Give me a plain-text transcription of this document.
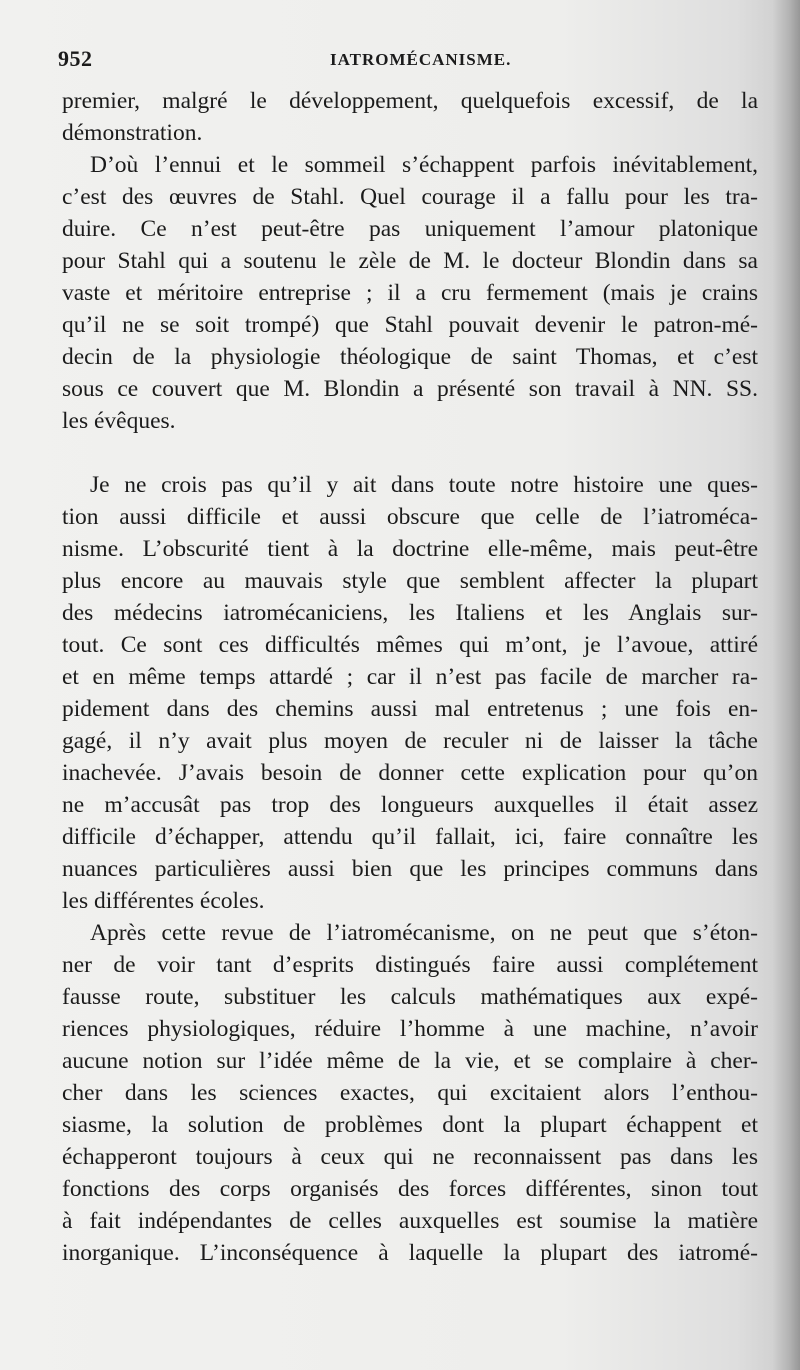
952	IATROMÉCANISME.
premier, malgré le développement, quelquefois excessif, de la
démonstration.
D’où l’ennui et le sommeil s’échappent parfois inévitablement,
c’est des œuvres de Stahl. Quel courage il a fallu pour les tra-
duire. Ce n’est peut-être pas uniquement l’amour platonique
pour Stahl qui a soutenu le zèle de M. le docteur Blondin dans sa
vaste et méritoire entreprise ; il a cru fermement (mais je crains
qu’il ne se soit trompé) que Stahl pouvait devenir le patron-mé-
decin de la physiologie théologique de saint Thomas, et c’est
sous ce couvert que M. Blondin a présenté son travail à NN. SS.
les évêques.
Je ne crois pas qu’il y ait dans toute notre histoire une ques-
tion aussi difficile et aussi obscure que celle de l’iatroméca-
nisme. L’obscurité tient à la doctrine elle-même, mais peut-être
plus encore au mauvais style que semblent affecter la plupart
des médecins iatromécaniciens, les Italiens et les Anglais sur-
tout. Ce sont ces difficultés mêmes qui m’ont, je l’avoue, attiré
et en même temps attardé ; car il n’est pas facile de marcher ra-
pidement dans des chemins aussi mal entretenus ; une fois en-
gagé, il n’y avait plus moyen de reculer ni de laisser la tâche
inachevée. J’avais besoin de donner cette explication pour qu’on
ne m’accusât pas trop des longueurs auxquelles il était assez
difficile d’échapper, attendu qu’il fallait, ici, faire connaître les
nuances particulières aussi bien que les principes communs dans
les différentes écoles.
Après cette revue de l’iatromécanisme, on ne peut que s’éton-
ner de voir tant d’esprits distingués faire aussi complétement
fausse route, substituer les calculs mathématiques aux expé-
riences physiologiques, réduire l’homme à une machine, n’avoir
aucune notion sur l’idée même de la vie, et se complaire à cher-
cher dans les sciences exactes, qui excitaient alors l’enthou-
siasme, la solution de problèmes dont la plupart échappent et
échapperont toujours à ceux qui ne reconnaissent pas dans les
fonctions des corps organisés des forces différentes, sinon tout
à fait indépendantes de celles auxquelles est soumise la matière
inorganique. L’inconséquence à laquelle la plupart des iatromé-
